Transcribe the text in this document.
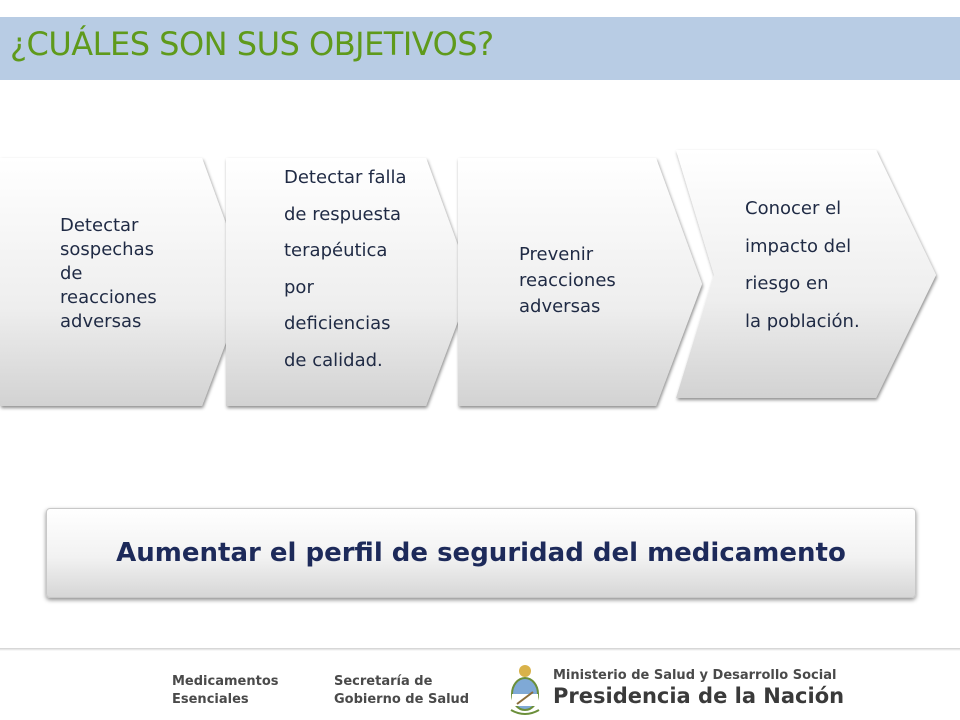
¿CUÁLES SON SUS OBJETIVOS?
Detectar
sospechas
de
reacciones
adversas
Detectar falla
de respuesta
terapéutica
por
deficiencias
de calidad.
Prevenir
reacciones
adversas
Conocer el
impacto del
riesgo en
la población.
Aumentar el perfil de seguridad del medicamento
Medicamentos
Esenciales
Secretaría de
Gobierno de Salud
Ministerio de Salud y Desarrollo Social
Presidencia de la Nación
